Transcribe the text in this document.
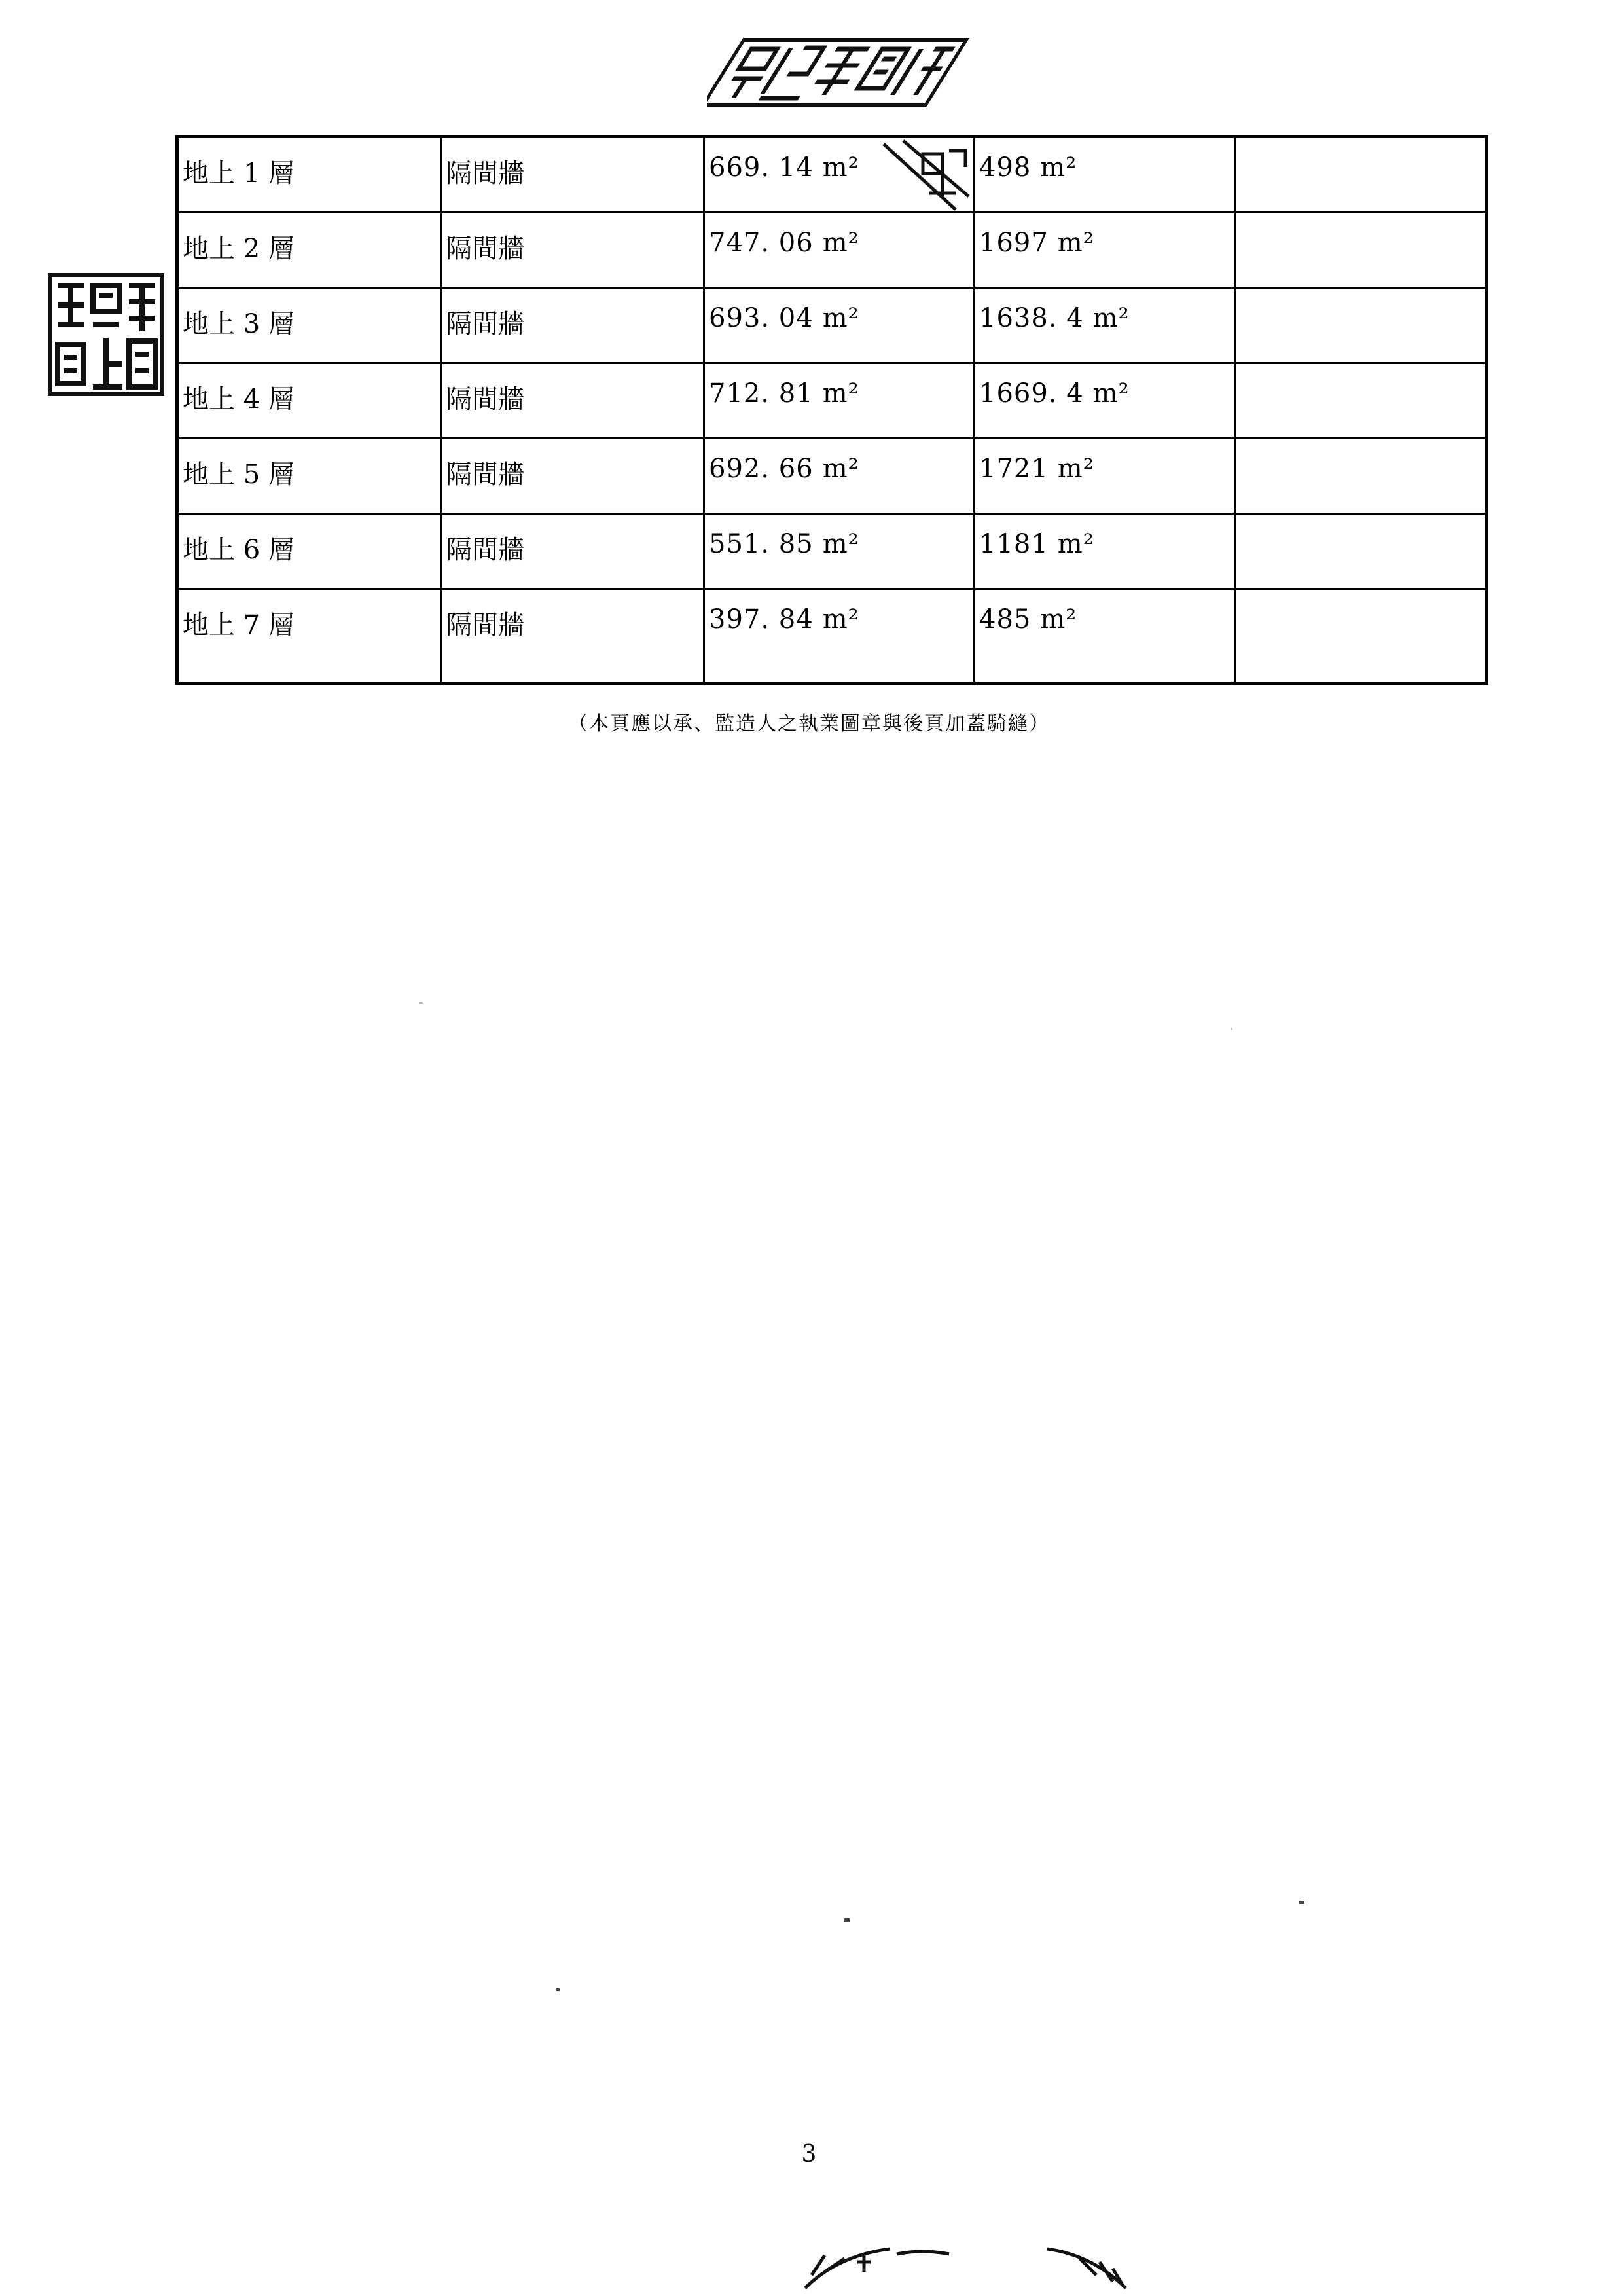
地上 1 層	隔間牆	669. 14 m²	498 m²
地上 2 層	隔間牆	747. 06 m²	1697 m²
地上 3 層	隔間牆	693. 04 m²	1638. 4 m²
地上 4 層	隔間牆	712. 81 m²	1669. 4 m²
地上 5 層	隔間牆	692. 66 m²	1721 m²
地上 6 層	隔間牆	551. 85 m²	1181 m²
地上 7 層	隔間牆	397. 84 m²	485 m²
（本頁應以承、監造人之執業圖章與後頁加蓋騎縫）
3
